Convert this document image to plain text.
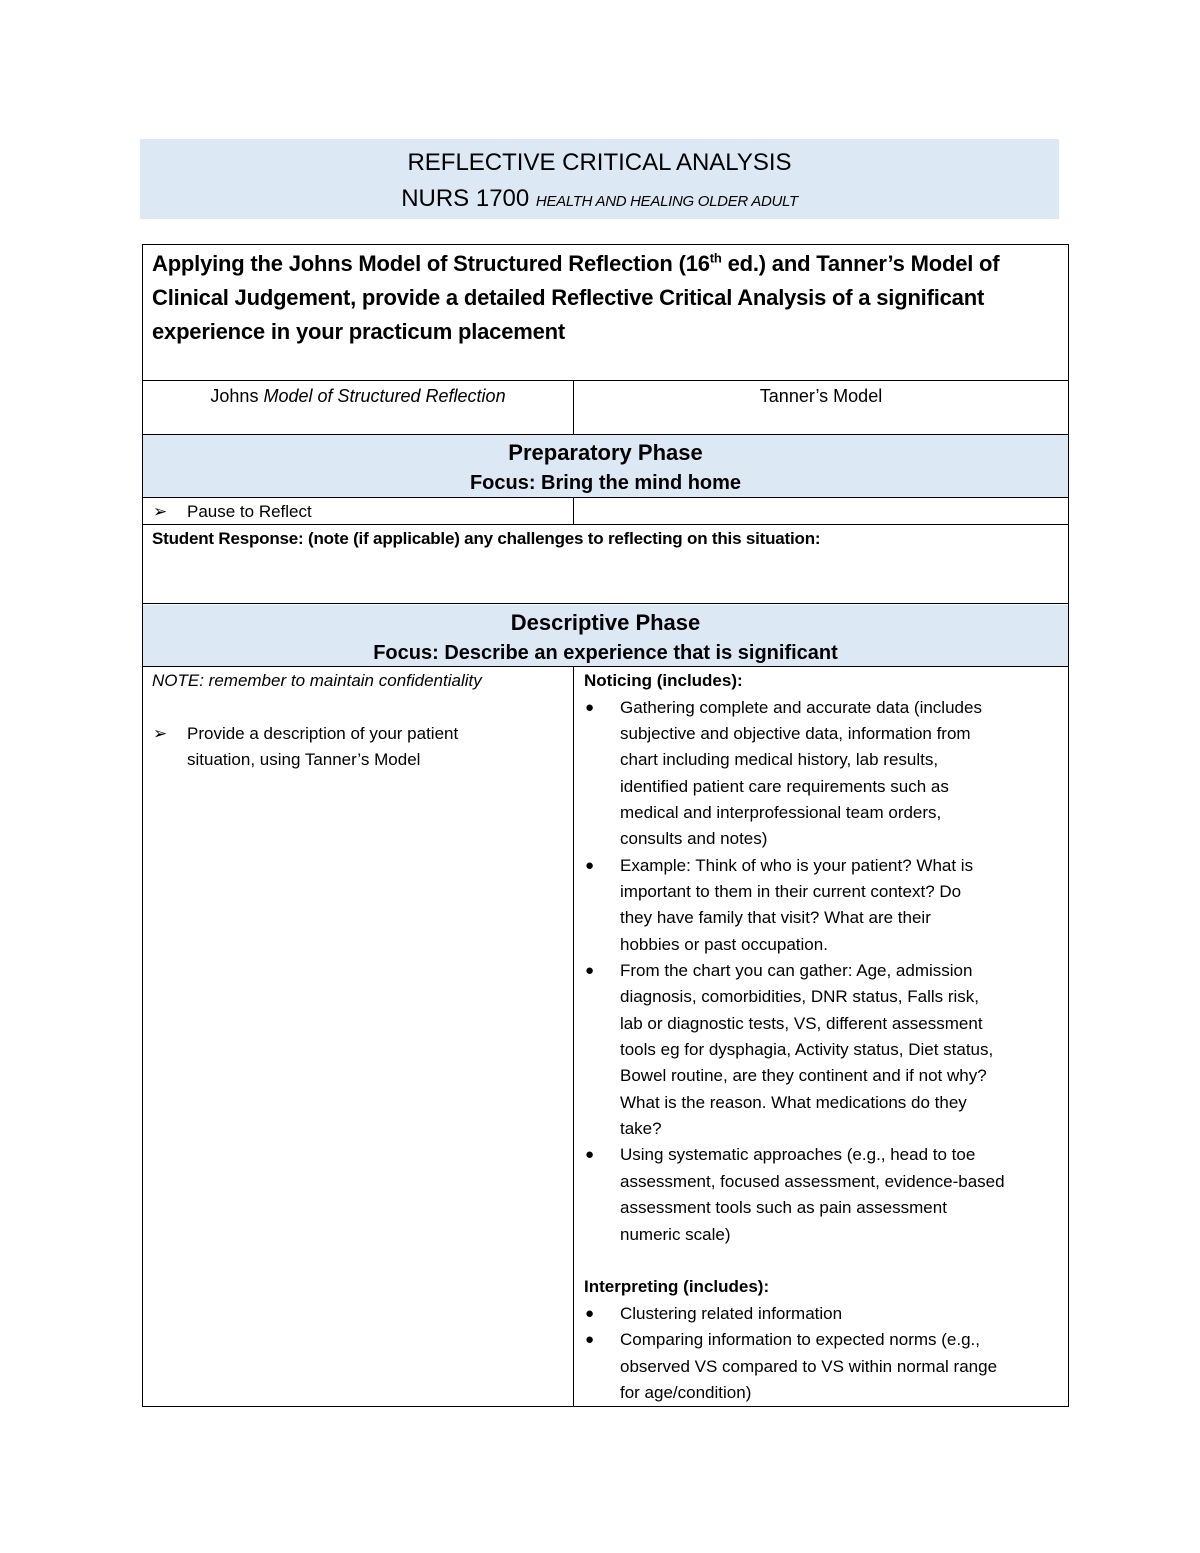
REFLECTIVE CRITICAL ANALYSIS
NURS 1700 HEALTH AND HEALING OLDER ADULT
Applying the Johns Model of Structured Reflection (16th ed.) and Tanner’s Model of Clinical Judgement, provide a detailed Reflective Critical Analysis of a significant experience in your practicum placement
Johns Model of Structured Reflection	Tanner’s Model
Preparatory Phase
Focus: Bring the mind home
➢ Pause to Reflect
Student Response: (note (if applicable) any challenges to reflecting on this situation:
Descriptive Phase
Focus: Describe an experience that is significant
NOTE: remember to maintain confidentiality
➢ Provide a description of your patient
situation, using Tanner’s Model
Noticing (includes):
● Gathering complete and accurate data (includes
subjective and objective data, information from
chart including medical history, lab results,
identified patient care requirements such as
medical and interprofessional team orders,
consults and notes)
● Example: Think of who is your patient? What is
important to them in their current context? Do
they have family that visit? What are their
hobbies or past occupation.
● From the chart you can gather: Age, admission
diagnosis, comorbidities, DNR status, Falls risk,
lab or diagnostic tests, VS, different assessment
tools eg for dysphagia, Activity status, Diet status,
Bowel routine, are they continent and if not why?
What is the reason. What medications do they
take?
● Using systematic approaches (e.g., head to toe
assessment, focused assessment, evidence-based
assessment tools such as pain assessment
numeric scale)
Interpreting (includes):
● Clustering related information
● Comparing information to expected norms (e.g.,
observed VS compared to VS within normal range
for age/condition)
